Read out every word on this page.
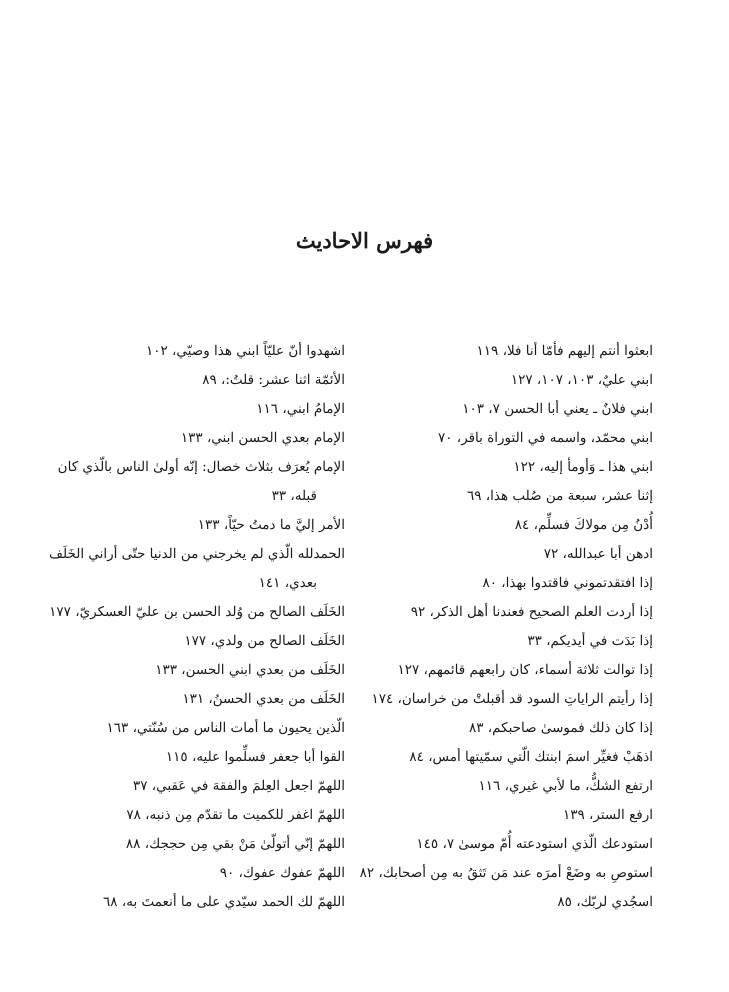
فهرس الاحاديث
ابعثوا أنتم إليهم فأمّا أنا فلا، ١١٩
ابني عليٌ، ١٠٣، ١٠٧، ١٢٧
ابني فلانٌ ـ يعني أبا الحسن ٧، ١٠٣
ابني محمّد، واسمه في التوراة باقر، ٧٠
ابني هذا ـ وَأومأ إليه، ١٢٢
إثنا عشر، سبعة من صُلب هذا، ٦٩
أُدْنُ مِن مولاكَ فسلِّم، ٨٤
ادهن أبا عبدالله، ٧٢
إذا افتقدتموني فاقتدوا بهذا، ٨٠
إذا أردت العلم الصحيح فعندنا أهل الذكر، ٩٢
إذا بَدَت في أيديكم، ٣٣
إذا توالت ثلاثة أسماء، كان رابعهم قائمهم، ١٢٧
إذا رأيتم الراياتِ السود قد أقبلتْ من خراسان، ١٧٤
إذا كان ذلك فموسىٰ صاحبكم، ٨٣
اذهَبْ فغيِّر اسمَ ابنتك الّتي سمّيتها أمس، ٨٤
ارتفع الشكُّ، ما لأبي غيري، ١١٦
ارفع الستر، ١٣٩
استودعك الّذي استودعته أُمّ موسىٰ ٧، ١٤٥
استوصِ به وضَعْ أمرَه عند مَن تَثقُ به مِن أصحابك، ٨٢
اسجُدي لربّك، ٨٥
اشهدوا أنّ عليّاً ابني هذا وصيّي، ١٠٢
الأئمّة اثنا عشر: قلتُ:، ٨٩
الإمامُ ابني، ١١٦
الإمام بعدي الحسن ابني، ١٣٣
الإمام يُعرَف بثلاث خصال: إنّه أولىٰ الناس بالّذي كان
قبله، ٣٣
الأمر إليَّ ما دمتُ حيّاً، ١٣٣
الحمدلله الّذي لم يخرجني من الدنيا حتّى أراني الخَلَف
بعدي، ١٤١
الخَلَف الصالح من وُلد الحسن بن عليّ العسكريّ، ١٧٧
الخَلَف الصالح من ولدي، ١٧٧
الخَلَف من بعدي ابني الحسن، ١٣٣
الخَلَف من بعدي الحسنُ، ١٣١
الّذين يحيون ما أمات الناس من سُنّتي، ١٦٣
القوا أبا جعفر فسلِّموا عليه، ١١٥
اللهمّ اجعل العِلمَ والفقهَ في عَقبي، ٣٧
اللهمّ اغفر للكميت ما تقدّم مِن ذنبه، ٧٨
اللهمّ إنّي أتولّىٰ مَنْ بقي مِن حججك، ٨٨
اللهمّ عفوك عفوك، ٩٠
اللهمّ لك الحمد سيّدي على ما أنعمتَ به، ٦٨
